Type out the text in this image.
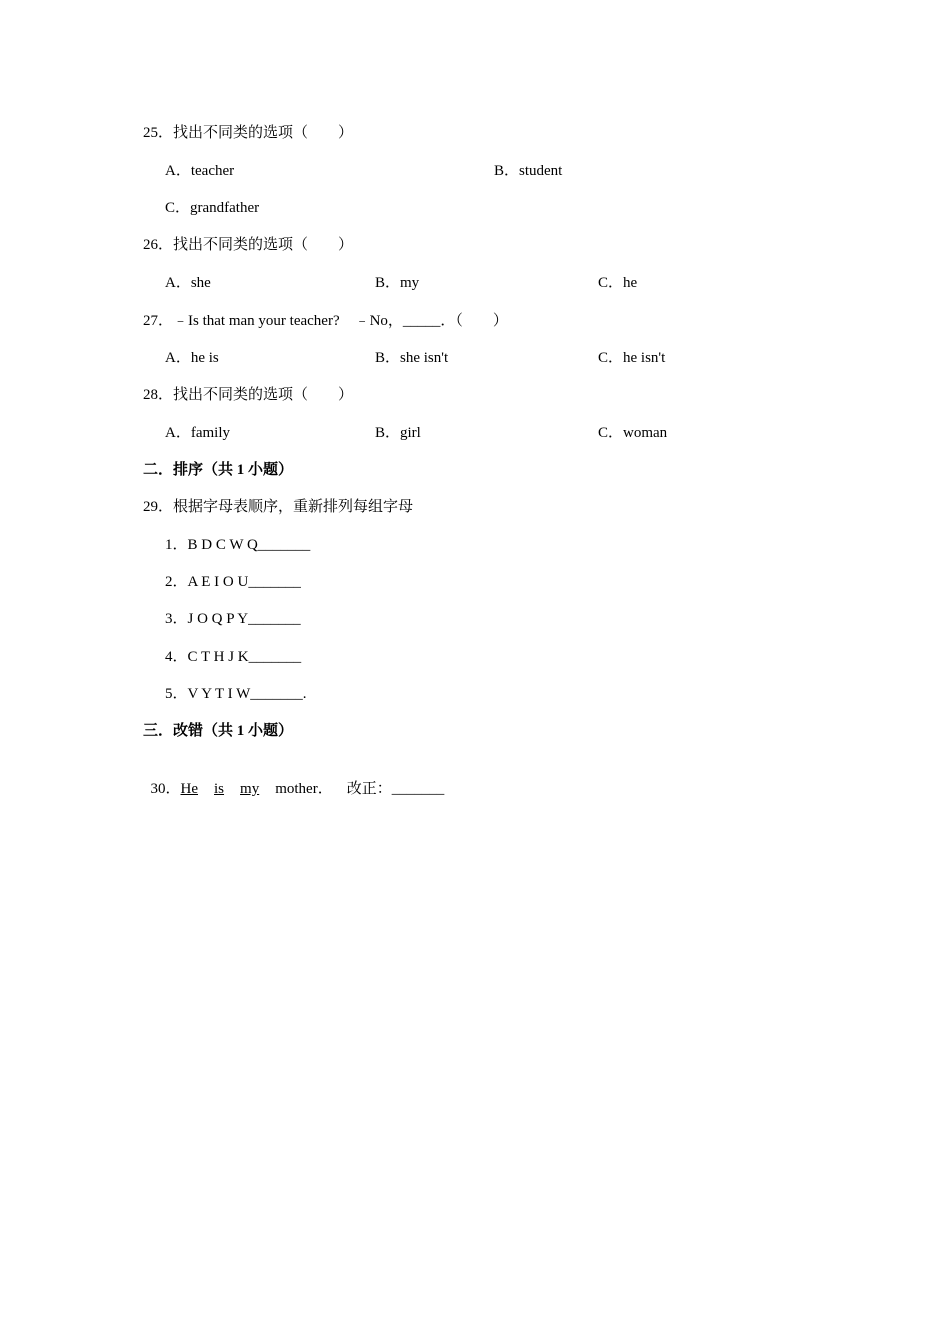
25．找出不同类的选项（　　）
A．teacher	B．student
C．grandfather
26．找出不同类的选项（　　）
A．she	B．my	C．he
27．﹣Is that man your teacher?　﹣No，_____．（　　）
A．he is	B．she isn't	C．he isn't
28．找出不同类的选项（　　）
A．family	B．girl	C．woman
二．排序（共 1 小题）
29．根据字母表顺序，重新排列每组字母
1．B D C W Q_______
2．A E I O U_______
3．J O Q P Y_______
4．C T H J K_______
5．V Y T I W_______.
三．改错（共 1 小题）

30．He is my mother． 改正：_______
